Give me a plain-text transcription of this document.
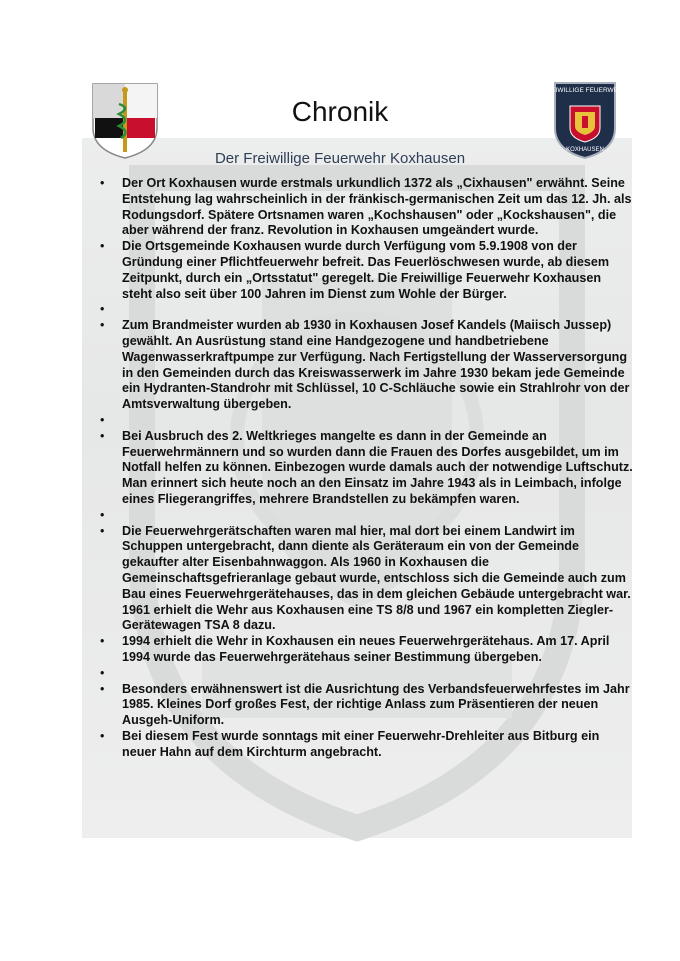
FREIWILLIGE FEUERWEHR
KOXHAUSEN
Chronik
Der Freiwillige Feuerwehr Koxhausen
• Der Ort Koxhausen wurde erstmals urkundlich 1372 als „Cixhausen" erwähnt. Seine Entstehung lag wahrscheinlich in der fränkisch-germanischen Zeit um das 12. Jh. als Rodungsdorf. Spätere Ortsnamen waren „Kochshausen" oder „Kockshausen", die aber während der franz. Revolution in Koxhausen umgeändert wurde.
• Die Ortsgemeinde Koxhausen wurde durch Verfügung vom 5.9.1908 von der Gründung einer Pflichtfeuerwehr befreit. Das Feuerlöschwesen wurde, ab diesem Zeitpunkt, durch ein „Ortsstatut" geregelt. Die Freiwillige Feuerwehr Koxhausen steht also seit über 100 Jahren im Dienst zum Wohle der Bürger.
•
• Zum Brandmeister wurden ab 1930 in Koxhausen Josef Kandels (Maiisch Jussep) gewählt. An Ausrüstung stand eine Handgezogene und handbetriebene Wagenwasserkraftpumpe zur Verfügung. Nach Fertigstellung der Wasserversorgung in den Gemeinden durch das Kreiswasserwerk im Jahre 1930 bekam jede Gemeinde ein Hydranten-Standrohr mit Schlüssel, 10 C-Schläuche sowie ein Strahlrohr von der Amtsverwaltung übergeben.
•
• Bei Ausbruch des 2. Weltkrieges mangelte es dann in der Gemeinde an Feuerwehrmännern und so wurden dann die Frauen des Dorfes ausgebildet, um im Notfall helfen zu können. Einbezogen wurde damals auch der notwendige Luftschutz. Man erinnert sich heute noch an den Einsatz im Jahre 1943 als in Leimbach, infolge eines Fliegerangriffes, mehrere Brandstellen zu bekämpfen waren.
•
• Die Feuerwehrgerätschaften waren mal hier, mal dort bei einem Landwirt im Schuppen untergebracht, dann diente als Geräteraum ein von der Gemeinde gekaufter alter Eisenbahnwaggon. Als 1960 in Koxhausen die Gemeinschaftsgefrieranlage gebaut wurde, entschloss sich die Gemeinde auch zum Bau eines Feuerwehrgerätehauses, das in dem gleichen Gebäude untergebracht war. 1961 erhielt die Wehr aus Koxhausen eine TS 8/8 und 1967 ein kompletten Ziegler-Gerätewagen TSA 8 dazu.
• 1994 erhielt die Wehr in Koxhausen ein neues Feuerwehrgerätehaus. Am 17. April 1994 wurde das Feuerwehrgerätehaus seiner Bestimmung übergeben.
•
• Besonders erwähnenswert ist die Ausrichtung des Verbandsfeuerwehrfestes im Jahr 1985. Kleines Dorf großes Fest, der richtige Anlass zum Präsentieren der neuen Ausgeh-Uniform.
• Bei diesem Fest wurde sonntags mit einer Feuerwehr-Drehleiter aus Bitburg ein neuer Hahn auf dem Kirchturm angebracht.
